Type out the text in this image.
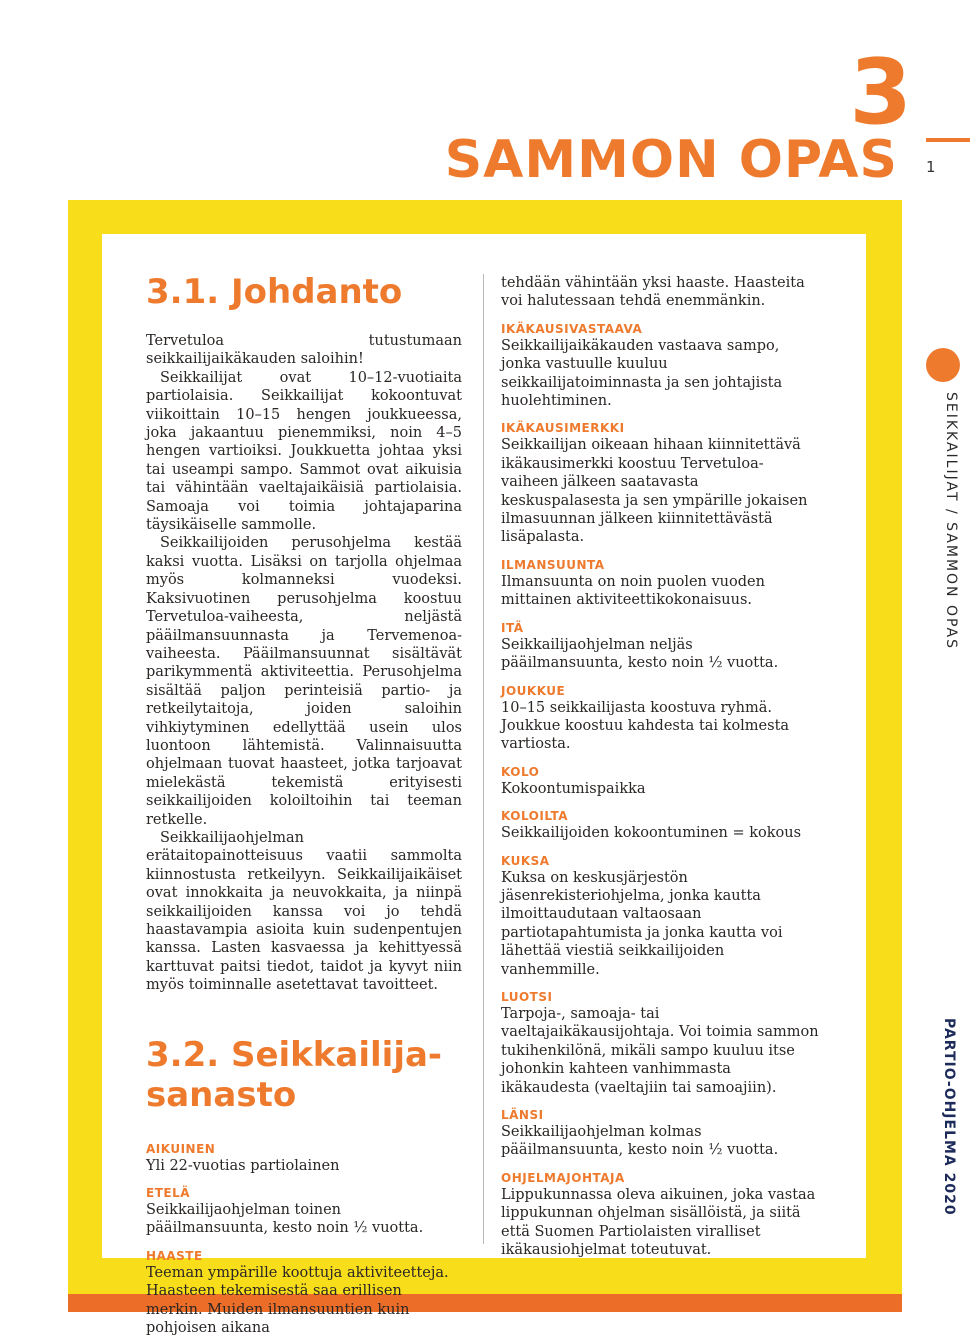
3
SAMMON OPAS 1
SEIKKAILIJAT / SAMMON OPAS
PARTIO-OHJELMA 2020
3.1. Johdanto

Tervetuloa tutustumaan seikkailijaikäkauden saloihin!

Seikkailijat ovat 10–12-vuotiaita partiolaisia. Seikkailijat kokoontuvat viikoittain 10–15 hengen joukkueessa, joka jakaantuu pienemmiksi, noin 4–5 hengen vartioiksi. Joukkuetta johtaa yksi tai useampi sampo. Sammot ovat aikuisia tai vähintään vaeltajaikäisiä partiolaisia. Samoaja voi toimia johtajaparina täysikäiselle sammolle.

Seikkailijoiden perusohjelma kestää kaksi vuotta. Lisäksi on tarjolla ohjelmaa myös kolmanneksi vuodeksi. Kaksivuotinen perusohjelma koostuu Tervetuloa-vaiheesta, neljästä pääilmansuunnasta ja Tervemenoa-vaiheesta. Pääilmansuunnat sisältävät parikymmentä aktiviteettia. Perusohjelma sisältää paljon perinteisiä partio- ja retkeilytaitoja, joiden saloihin vihkiytyminen edellyttää usein ulos luontoon lähtemistä. Valinnaisuutta ohjelmaan tuovat haasteet, jotka tarjoavat mielekästä tekemistä erityisesti seikkailijoiden koloiltoihin tai teeman retkelle.

Seikkailijaohjelman erätaitopainotteisuus vaatii sammolta kiinnostusta retkeilyyn. Seikkailijaikäiset ovat innokkaita ja neuvokkaita, ja niinpä seikkailijoiden kanssa voi jo tehdä haastavampia asioita kuin sudenpentujen kanssa. Lasten kasvaessa ja kehittyessä karttuvat paitsi tiedot, taidot ja kyvyt niin myös toiminnalle asetettavat tavoitteet.

3.2. Seikkailija-sanasto
AIKUINEN

Yli 22-vuotias partiolainen

ETELÄ

Seikkailijaohjelman toinen pääilmansuunta, kesto noin ½ vuotta.

HAASTE

Teeman ympärille koottuja aktiviteetteja. Haasteen tekemisestä saa erillisen merkin. Muiden ilmansuuntien kuin pohjoisen aikana

tehdään vähintään yksi haaste. Haasteita voi halutessaan tehdä enemmänkin.

IKÄKAUSIVASTAAVA

Seikkailijaikäkauden vastaava sampo, jonka vastuulle kuuluu seikkailijatoiminnasta ja sen johtajista huolehtiminen.

IKÄKAUSIMERKKI

Seikkailijan oikeaan hihaan kiinnitettävä ikäkausimerkki koostuu Tervetuloa-vaiheen jälkeen saatavasta keskuspalasesta ja sen ympärille jokaisen ilmasuunnan jälkeen kiinnitettävästä lisäpalasta.

ILMANSUUNTA

Ilmansuunta on noin puolen vuoden mittainen aktiviteettikokonaisuus.

ITÄ

Seikkailijaohjelman neljäs pääilmansuunta, kesto noin ½ vuotta.

JOUKKUE

10–15 seikkailijasta koostuva ryhmä. Joukkue koostuu kahdesta tai kolmesta vartiosta.

KOLO

Kokoontumispaikka

KOLOILTA

Seikkailijoiden kokoontuminen = kokous

KUKSA

Kuksa on keskusjärjestön jäsenrekisteriohjelma, jonka kautta ilmoittaudutaan valtaosaan partiotapahtumista ja jonka kautta voi lähettää viestiä seikkailijoiden vanhemmille.

LUOTSI

Tarpoja-, samoaja- tai vaeltajaikäkausijohtaja. Voi toimia sammon tukihenkilönä, mikäli sampo kuuluu itse johonkin kahteen vanhimmasta ikäkaudesta (vaeltajiin tai samoajiin).

LÄNSI

Seikkailijaohjelman kolmas pääilmansuunta, kesto noin ½ vuotta.

OHJELMAJOHTAJA

Lippukunnassa oleva aikuinen, joka vastaa lippukunnan ohjelman sisällöistä, ja siitä että Suomen Partiolaisten viralliset ikäkausiohjelmat toteutuvat.
